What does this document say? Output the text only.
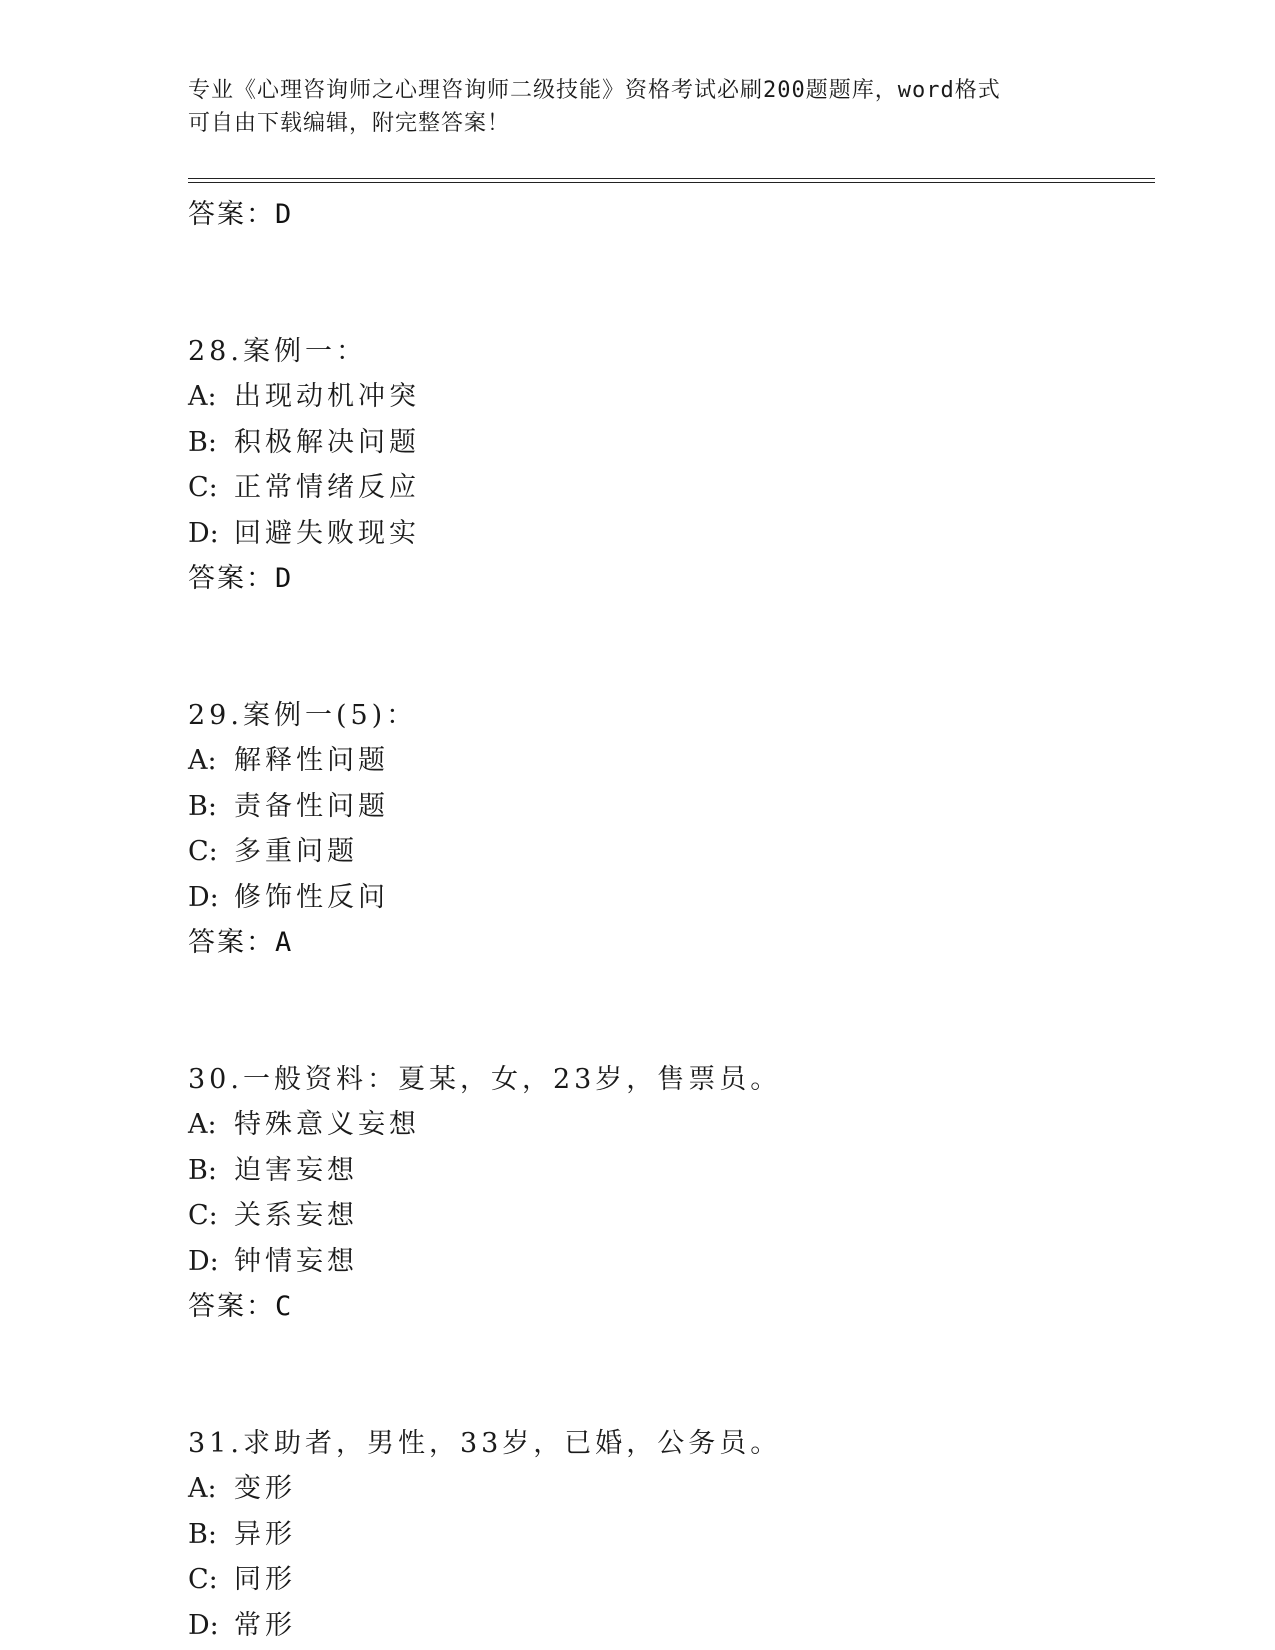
专业《心理咨询师之心理咨询师二级技能》资格考试必刷200题题库，word格式
可自由下载编辑，附完整答案！
答案：D
28.案例一：
A: 出现动机冲突
B: 积极解决问题
C: 正常情绪反应
D: 回避失败现实
答案：D
29.案例一(5)：
A: 解释性问题
B: 责备性问题
C: 多重问题
D: 修饰性反问
答案：A
30.一般资料：夏某，女，23岁，售票员。
A: 特殊意义妄想
B: 迫害妄想
C: 关系妄想
D: 钟情妄想
答案：C
31.求助者，男性，33岁，已婚，公务员。
A: 变形
B: 异形
C: 同形
D: 常形
